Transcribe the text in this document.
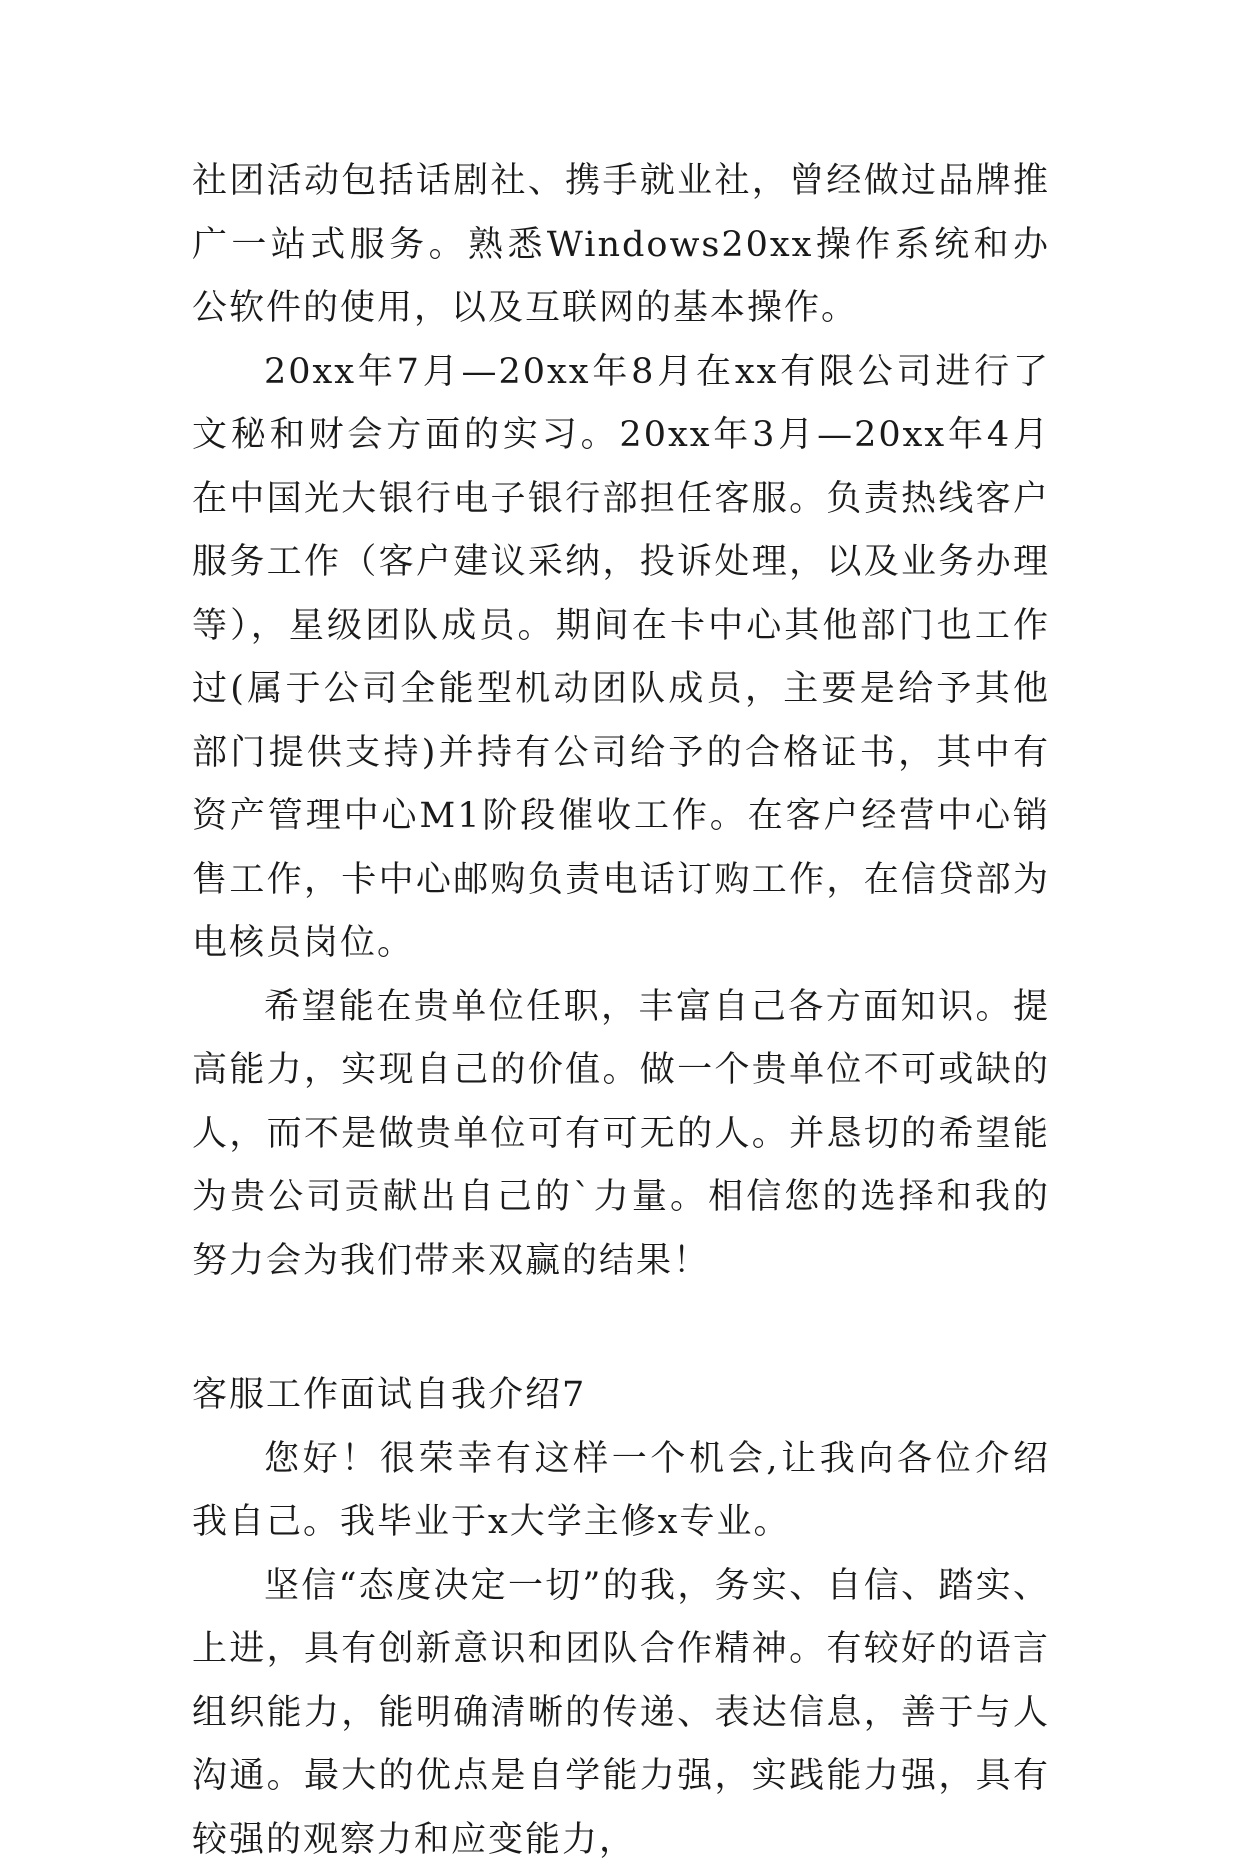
社团活动包括话剧社、携手就业社，曾经做过品牌推广一站式服务。熟悉Windows20xx操作系统和办公软件的使用，以及互联网的基本操作。

20xx年7月—20xx年8月在xx有限公司进行了文秘和财会方面的实习。20xx年3月—20xx年4月在中国光大银行电子银行部担任客服。负责热线客户服务工作（客户建议采纳，投诉处理，以及业务办理等），星级团队成员。期间在卡中心其他部门也工作过(属于公司全能型机动团队成员，主要是给予其他部门提供支持)并持有公司给予的合格证书，其中有资产管理中心M1阶段催收工作。在客户经营中心销售工作，卡中心邮购负责电话订购工作，在信贷部为电核员岗位。

希望能在贵单位任职，丰富自己各方面知识。提高能力，实现自己的价值。做一个贵单位不可或缺的人，而不是做贵单位可有可无的人。并恳切的希望能为贵公司贡献出自己的`力量。相信您的选择和我的努力会为我们带来双赢的结果！

客服工作面试自我介绍7

您好！很荣幸有这样一个机会,让我向各位介绍我自己。我毕业于x大学主修x专业。

坚信“态度决定一切”的我，务实、自信、踏实、上进，具有创新意识和团队合作精神。有较好的语言组织能力，能明确清晰的传递、表达信息，善于与人沟通。最大的优点是自学能力强，实践能力强，具有较强的观察力和应变能力，
